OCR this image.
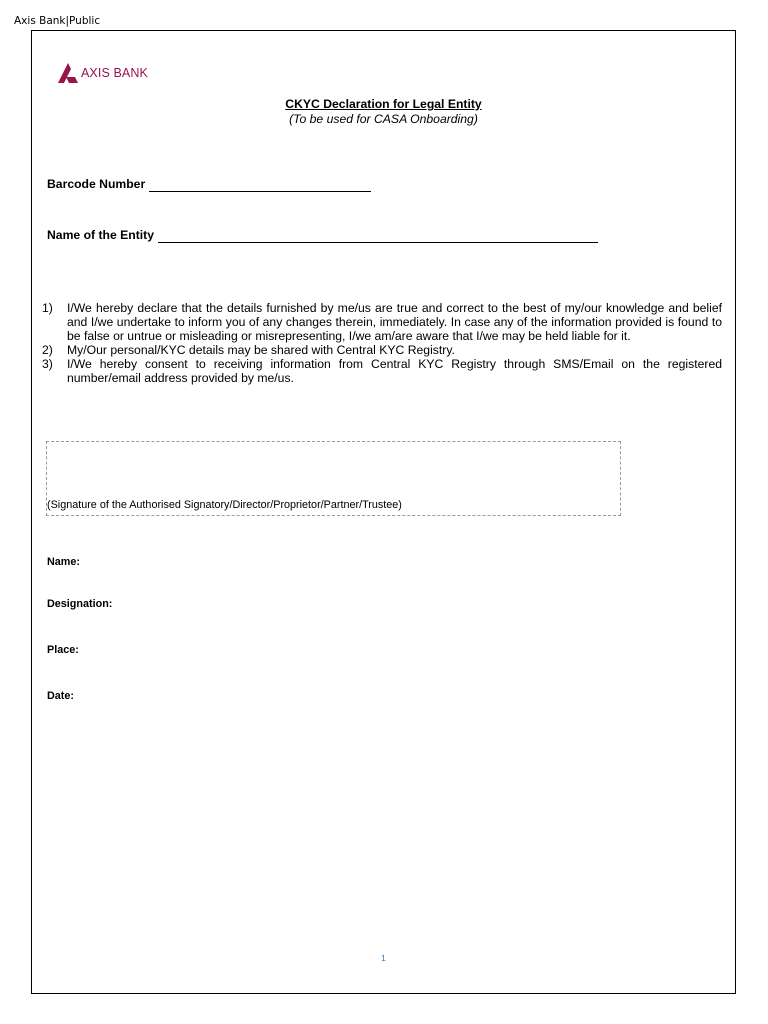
Axis Bank|Public
AXIS BANK
CKYC Declaration for Legal Entity
(To be used for CASA Onboarding)
Barcode Number
Name of the Entity
1)	I/We hereby declare that the details furnished by me/us are true and correct to the best of my/our knowledge and belief and I/we undertake to inform you of any changes therein, immediately. In case any of the information provided is found to be false or untrue or misleading or misrepresenting, I/we am/are aware that I/we may be held liable for it.
2)	My/Our personal/KYC details may be shared with Central KYC Registry.
3)	I/We hereby consent to receiving information from Central KYC Registry through SMS/Email on the registered number/email address provided by me/us.
(Signature of the Authorised Signatory/Director/Proprietor/Partner/Trustee)
Name:
Designation:
Place:
Date:
1
